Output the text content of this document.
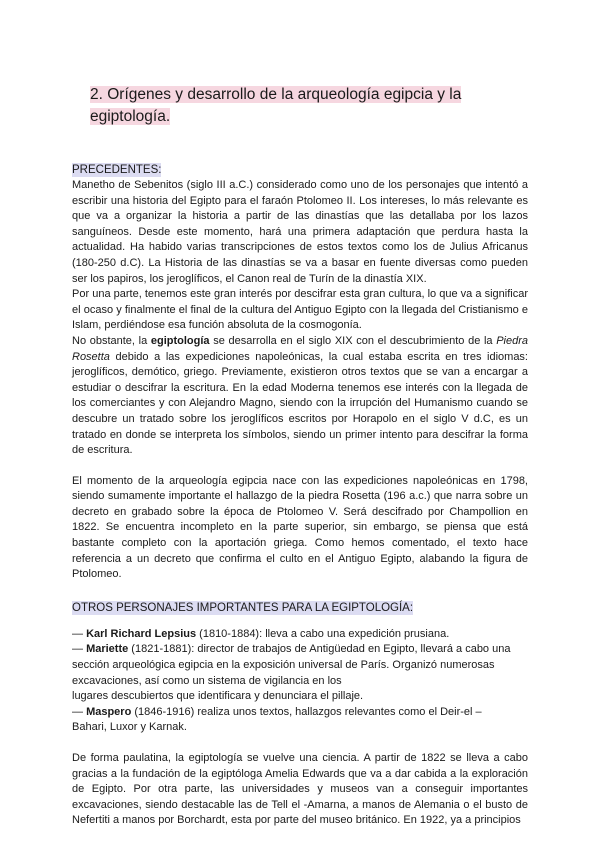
2. Orígenes y desarrollo de la arqueología egipcia y la egiptología.
PRECEDENTES:

Manetho de Sebenitos (siglo III a.C.) considerado como uno de los personajes que intentó a escribir una historia del Egipto para el faraón Ptolomeo II. Los intereses, lo más relevante es que va a organizar la historia a partir de las dinastías que las detallaba por los lazos sanguíneos. Desde este momento, hará una primera adaptación que perdura hasta la actualidad. Ha habido varias transcripciones de estos textos como los de Julius Africanus (180-250 d.C). La Historia de las dinastías se va a basar en fuente diversas como pueden ser los papiros, los jeroglíficos, el Canon real de Turín de la dinastía XIX.

Por una parte, tenemos este gran interés por descifrar esta gran cultura, lo que va a significar el ocaso y finalmente el final de la cultura del Antiguo Egipto con la llegada del Cristianismo e Islam, perdiéndose esa función absoluta de la cosmogonía.

No obstante, la egiptología se desarrolla en el siglo XIX con el descubrimiento de la Piedra Rosetta debido a las expediciones napoleónicas, la cual estaba escrita en tres idiomas: jeroglíficos, demótico, griego. Previamente, existieron otros textos que se van a encargar a estudiar o descifrar la escritura. En la edad Moderna tenemos ese interés con la llegada de los comerciantes y con Alejandro Magno, siendo con la irrupción del Humanismo cuando se descubre un tratado sobre los jeroglíficos escritos por Horapolo en el siglo V d.C, es un tratado en donde se interpreta los símbolos, siendo un primer intento para descifrar la forma de escritura.

El momento de la arqueología egipcia nace con las expediciones napoleónicas en 1798, siendo sumamente importante el hallazgo de la piedra Rosetta (196 a.c.) que narra sobre un decreto en grabado sobre la época de Ptolomeo V. Será descifrado por Champollion en 1822. Se encuentra incompleto en la parte superior, sin embargo, se piensa que está bastante completo con la aportación griega. Como hemos comentado, el texto hace referencia a un decreto que confirma el culto en el Antiguo Egipto, alabando la figura de Ptolomeo.

OTROS PERSONAJES IMPORTANTES PARA LA EGIPTOLOGÍA:

— Karl Richard Lepsius (1810-1884): lleva a cabo una expedición prusiana.

— Mariette (1821-1881): director de trabajos de Antigüedad en Egipto, llevará a cabo una sección arqueológica egipcia en la exposición universal de París. Organizó numerosas excavaciones, así como un sistema de vigilancia en los

lugares descubiertos que identificara y denunciara el pillaje.

— Maspero (1846-1916) realiza unos textos, hallazgos relevantes como el Deir-el –

Bahari, Luxor y Karnak.

De forma paulatina, la egiptología se vuelve una ciencia. A partir de 1822 se lleva a cabo gracias a la fundación de la egiptóloga Amelia Edwards que va a dar cabida a la exploración de Egipto. Por otra parte, las universidades y museos van a conseguir importantes excavaciones, siendo destacable las de Tell el -Amarna, a manos de Alemania o el busto de Nefertiti a manos por Borchardt, esta por parte del museo británico. En 1922, ya a principios
